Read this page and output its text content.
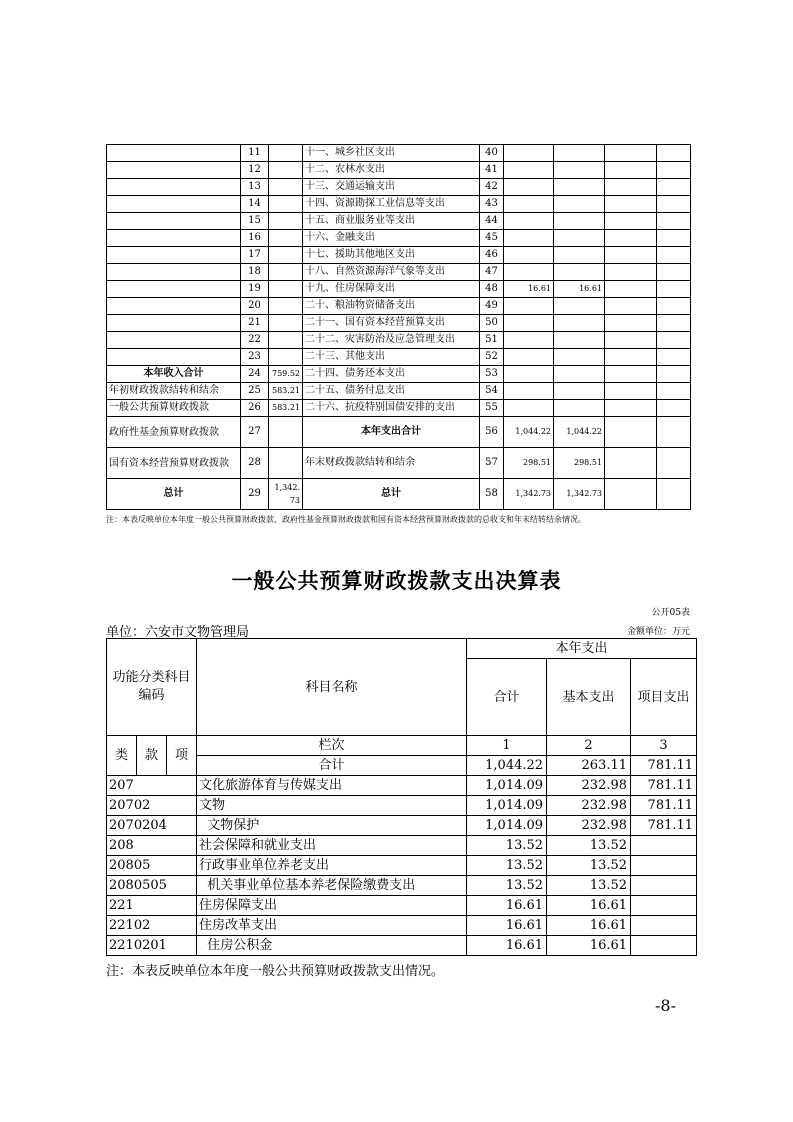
	11		十一、城乡社区支出	40				
	12		十二、农林水支出	41				
	13		十三、交通运输支出	42				
	14		十四、资源勘探工业信息等支出	43				
	15		十五、商业服务业等支出	44				
	16		十六、金融支出	45				
	17		十七、援助其他地区支出	46				
	18		十八、自然资源海洋气象等支出	47				
	19		十九、住房保障支出	48	16.61	16.61		
	20		二十、粮油物资储备支出	49				
	21		二十一、国有资本经营预算支出	50				
	22		二十二、灾害防治及应急管理支出	51				
	23		二十三、其他支出	52				
本年收入合计	24	759.52	二十四、债务还本支出	53				
年初财政拨款结转和结余	25	583.21	二十五、债务付息支出	54				
一般公共预算财政拨款	26	583.21	二十六、抗疫特别国债安排的支出	55				
政府性基金预算财政拨款	27		本年支出合计	56	1,044.22	1,044.22		
国有资本经营预算财政拨款	28		年末财政拨款结转和结余	57	298.51	298.51		
总计	29	1,342.73	总计	58	1,342.73	1,342.73		
注：本表反映单位本年度一般公共预算财政拨款、政府性基金预算财政拨款和国有资本经营预算财政拨款的总收支和年末结转结余情况。
一般公共预算财政拨款支出决算表
公开05表
单位：六安市文物管理局	金额单位：万元
功能分类科目编码			科目名称	本年支出		
				合计	基本支出	项目支出

类	款	项	栏次	1	2	3
			合计	1,044.22	263.11	781.11
207			文化旅游体育与传媒支出	1,014.09	232.98	781.11
20702			文物	1,014.09	232.98	781.11
2070204			文物保护	1,014.09	232.98	781.11
208			社会保障和就业支出	13.52	13.52	
20805			行政事业单位养老支出	13.52	13.52	
2080505			机关事业单位基本养老保险缴费支出	13.52	13.52	
221			住房保障支出	16.61	16.61	
22102			住房改革支出	16.61	16.61	
2210201			住房公积金	16.61	16.61	
注：本表反映单位本年度一般公共预算财政拨款支出情况。
-8-
